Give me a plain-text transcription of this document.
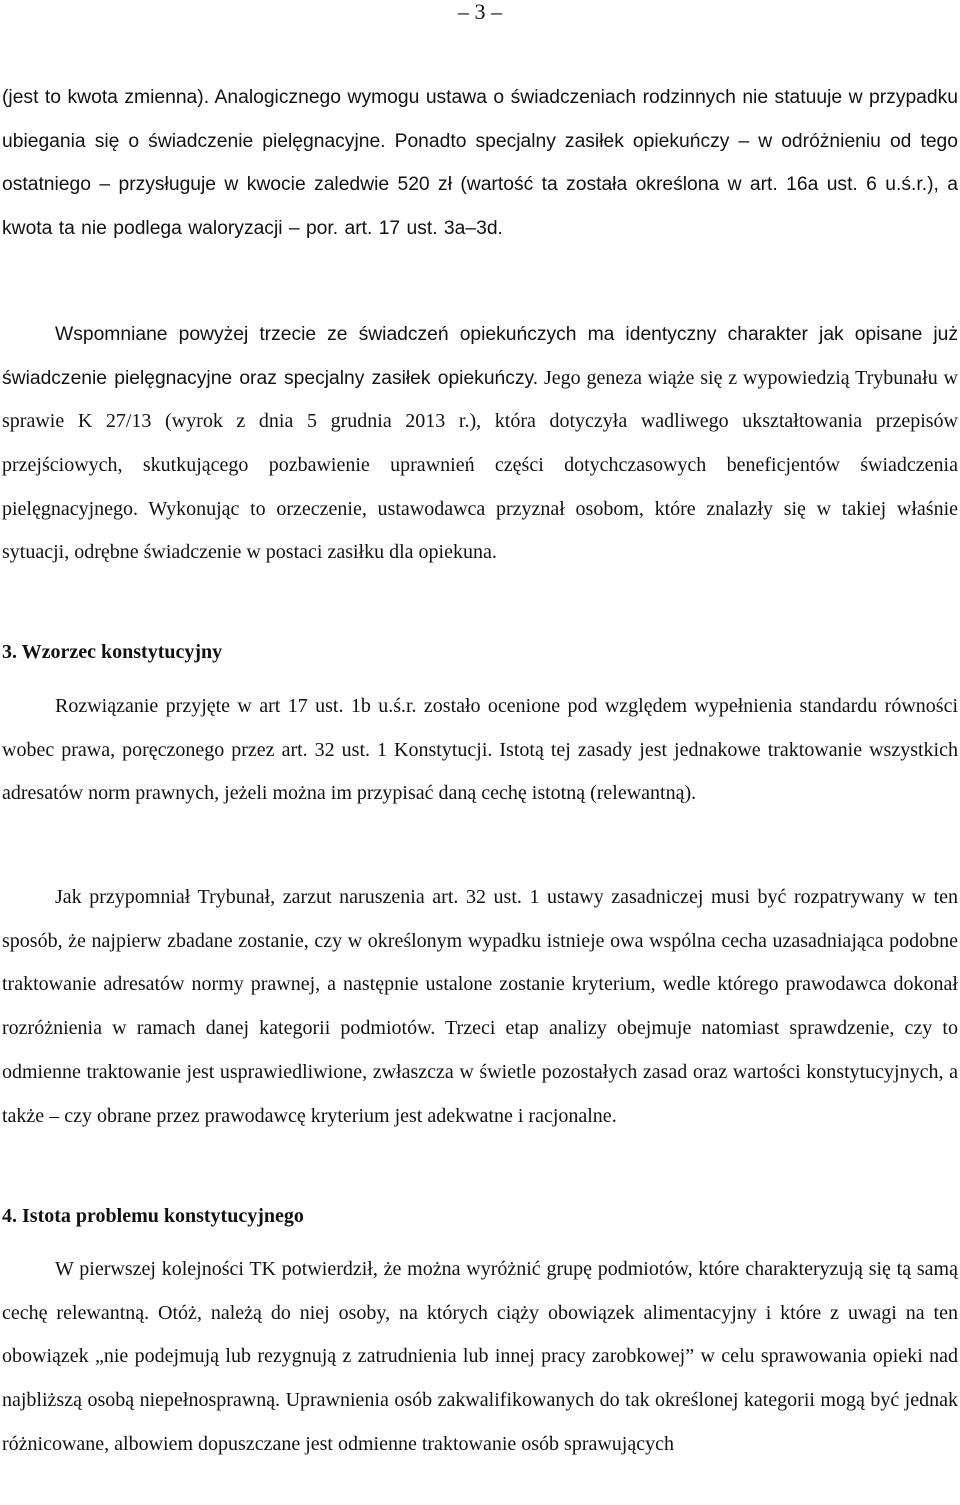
– 3 –

(jest to kwota zmienna). Analogicznego wymogu ustawa o świadczeniach rodzinnych nie statuuje w przypadku ubiegania się o świadczenie pielęgnacyjne. Ponadto specjalny zasiłek opiekuńczy – w odróżnieniu od tego ostatniego – przysługuje w kwocie zaledwie 520 zł (wartość ta została określona w art. 16a ust. 6 u.ś.r.), a kwota ta nie podlega waloryzacji – por. art. 17 ust. 3a–3d.

Wspomniane powyżej trzecie ze świadczeń opiekuńczych ma identyczny charakter jak opisane już świadczenie pielęgnacyjne oraz specjalny zasiłek opiekuńczy. Jego geneza wiąże się z wypowiedzią Trybunału w sprawie K 27/13 (wyrok z dnia 5 grudnia 2013 r.), która dotyczyła wadliwego ukształtowania przepisów przejściowych, skutkującego pozbawienie uprawnień części dotychczasowych beneficjentów świadczenia pielęgnacyjnego. Wykonując to orzeczenie, ustawodawca przyznał osobom, które znalazły się w takiej właśnie sytuacji, odrębne świadczenie w postaci zasiłku dla opiekuna.

3. Wzorzec konstytucyjny

Rozwiązanie przyjęte w art 17 ust. 1b u.ś.r. zostało ocenione pod względem wypełnienia standardu równości wobec prawa, poręczonego przez art. 32 ust. 1 Konstytucji. Istotą tej zasady jest jednakowe traktowanie wszystkich adresatów norm prawnych, jeżeli można im przypisać daną cechę istotną (relewantną).

Jak przypomniał Trybunał, zarzut naruszenia art. 32 ust. 1 ustawy zasadniczej musi być rozpatrywany w ten sposób, że najpierw zbadane zostanie, czy w określonym wypadku istnieje owa wspólna cecha uzasadniająca podobne traktowanie adresatów normy prawnej, a następnie ustalone zostanie kryterium, wedle którego prawodawca dokonał rozróżnienia w ramach danej kategorii podmiotów. Trzeci etap analizy obejmuje natomiast sprawdzenie, czy to odmienne traktowanie jest usprawiedliwione, zwłaszcza w świetle pozostałych zasad oraz wartości konstytucyjnych, a także – czy obrane przez prawodawcę kryterium jest adekwatne i racjonalne.

4. Istota problemu konstytucyjnego

W pierwszej kolejności TK potwierdził, że można wyróżnić grupę podmiotów, które charakteryzują się tą samą cechę relewantną. Otóż, należą do niej osoby, na których ciąży obowiązek alimentacyjny i które z uwagi na ten obowiązek „nie podejmują lub rezygnują z zatrudnienia lub innej pracy zarobkowej” w celu sprawowania opieki nad najbliższą osobą niepełnosprawną. Uprawnienia osób zakwalifikowanych do tak określonej kategorii mogą być jednak różnicowane, albowiem dopuszczane jest odmienne traktowanie osób sprawujących
